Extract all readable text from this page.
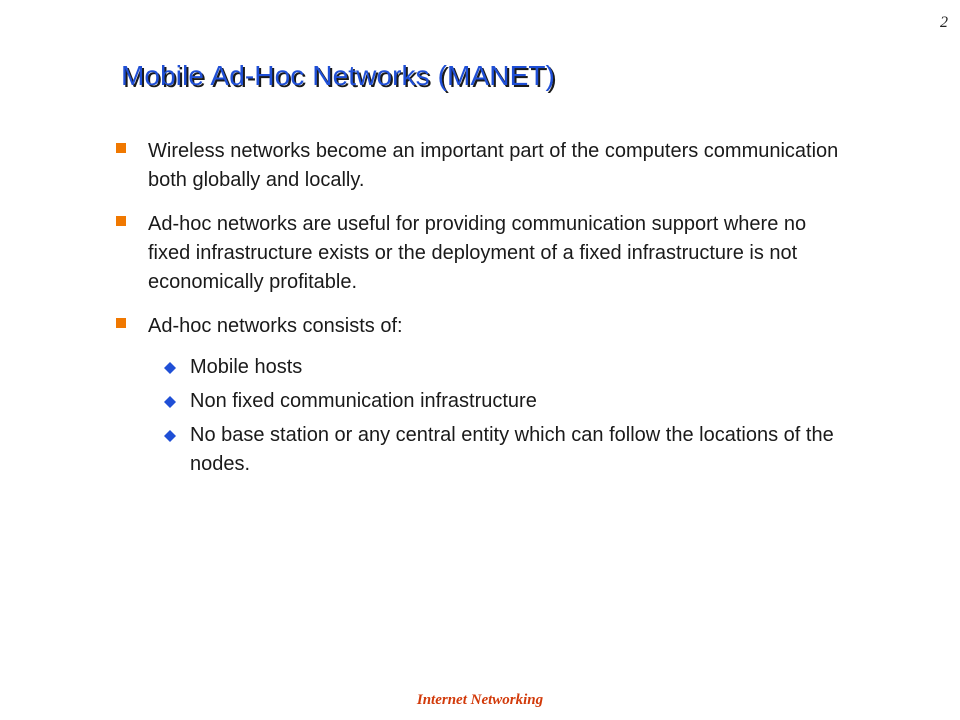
2
Mobile Ad-Hoc Networks (MANET)
Wireless networks become an important part of the computers communication both globally and locally.
Ad-hoc networks are useful for providing communication support where no fixed infrastructure exists or the deployment of a fixed infrastructure is not economically profitable.
Ad-hoc networks consists of:
Mobile hosts
Non fixed communication infrastructure
No base station or any central entity which can follow the locations of the nodes.
Internet Networking
